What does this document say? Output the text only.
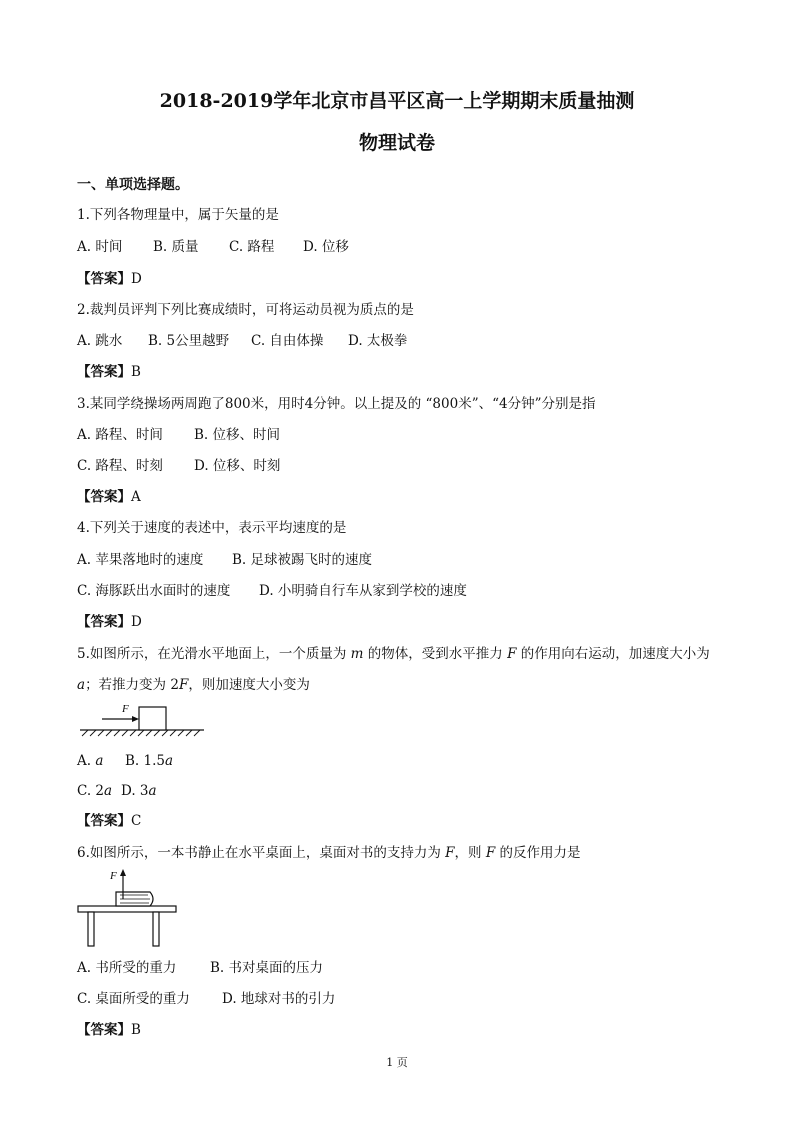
2018-2019学年北京市昌平区高一上学期期末质量抽测
物理试卷
一、单项选择题。
1.下列各物理量中，属于矢量的是
A. 时间 B. 质量 C. 路程 D. 位移
【答案】D
2.裁判员评判下列比赛成绩时，可将运动员视为质点的是
A. 跳水 B. 5公里越野 C. 自由体操 D. 太极拳
【答案】B
3.某同学绕操场两周跑了800米，用时4分钟。以上提及的 “800米”、“4分钟”分别是指
A. 路程、时间 B. 位移、时间
C. 路程、时刻 D. 位移、时刻
【答案】A
4.下列关于速度的表述中，表示平均速度的是
A. 苹果落地时的速度 B. 足球被踢飞时的速度
C. 海豚跃出水面时的速度 D. 小明骑自行车从家到学校的速度
【答案】D
5.如图所示，在光滑水平地面上，一个质量为 m 的物体，受到水平推力 F 的作用向右运动，加速度大小为
a；若推力变为 2F，则加速度大小变为
F
A. a B. 1.5a
C. 2a D. 3a
【答案】C
6.如图所示，一本书静止在水平桌面上，桌面对书的支持力为 F，则 F 的反作用力是
F
A. 书所受的重力 B. 书对桌面的压力
C. 桌面所受的重力 D. 地球对书的引力
【答案】B
1 页
